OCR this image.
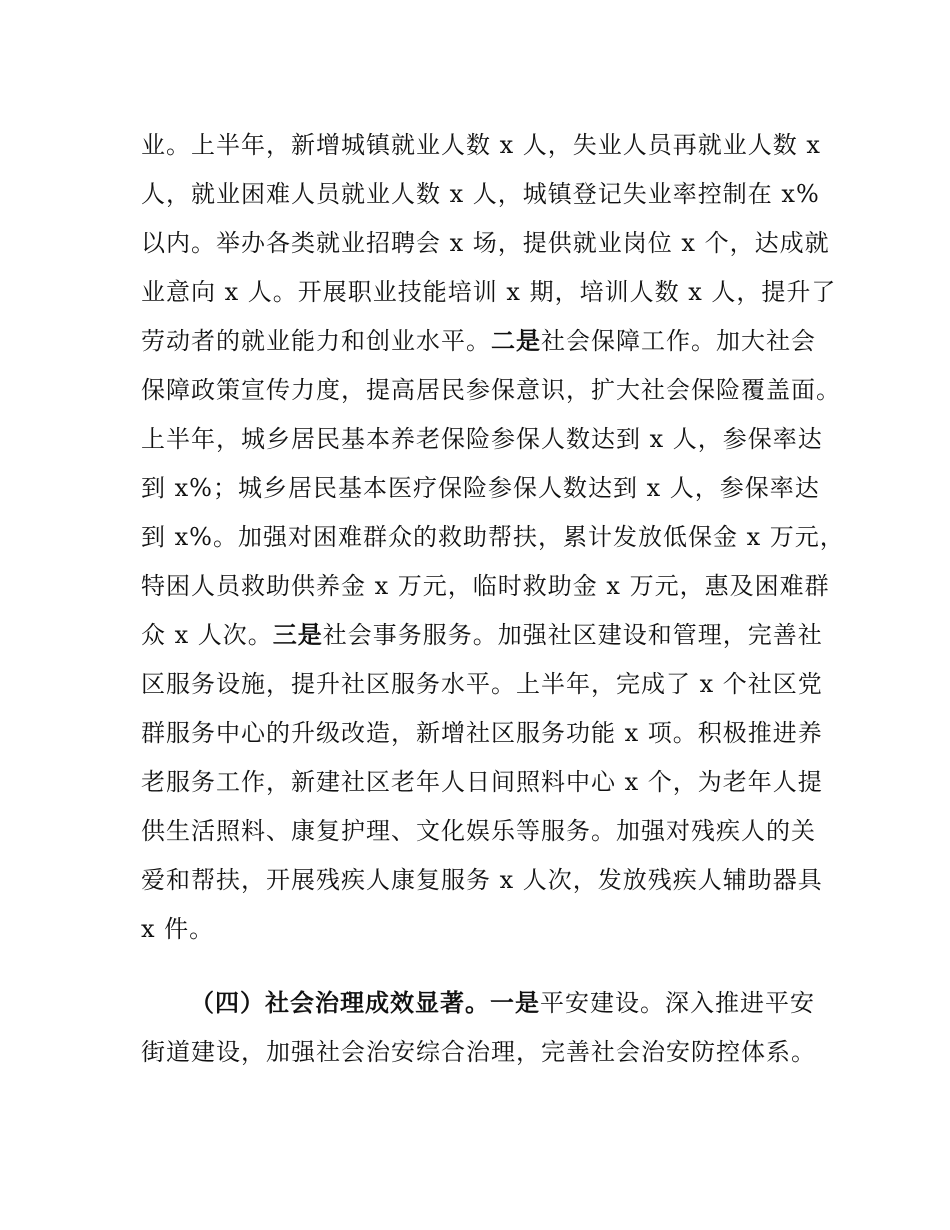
业。上半年，新增城镇就业人数 x 人，失业人员再就业人数 x
人，就业困难人员就业人数 x 人，城镇登记失业率控制在 x%
以内。举办各类就业招聘会 x 场，提供就业岗位 x 个，达成就
业意向 x 人。开展职业技能培训 x 期，培训人数 x 人，提升了
劳动者的就业能力和创业水平。二是社会保障工作。加大社会
保障政策宣传力度，提高居民参保意识，扩大社会保险覆盖面。
上半年，城乡居民基本养老保险参保人数达到 x 人，参保率达
到 x%；城乡居民基本医疗保险参保人数达到 x 人，参保率达
到 x%。加强对困难群众的救助帮扶，累计发放低保金 x 万元，
特困人员救助供养金 x 万元，临时救助金 x 万元，惠及困难群
众 x 人次。三是社会事务服务。加强社区建设和管理，完善社
区服务设施，提升社区服务水平。上半年，完成了 x 个社区党
群服务中心的升级改造，新增社区服务功能 x 项。积极推进养
老服务工作，新建社区老年人日间照料中心 x 个，为老年人提
供生活照料、康复护理、文化娱乐等服务。加强对残疾人的关
爱和帮扶，开展残疾人康复服务 x 人次，发放残疾人辅助器具
x 件。
（四）社会治理成效显著。一是平安建设。深入推进平安
街道建设，加强社会治安综合治理，完善社会治安防控体系。
